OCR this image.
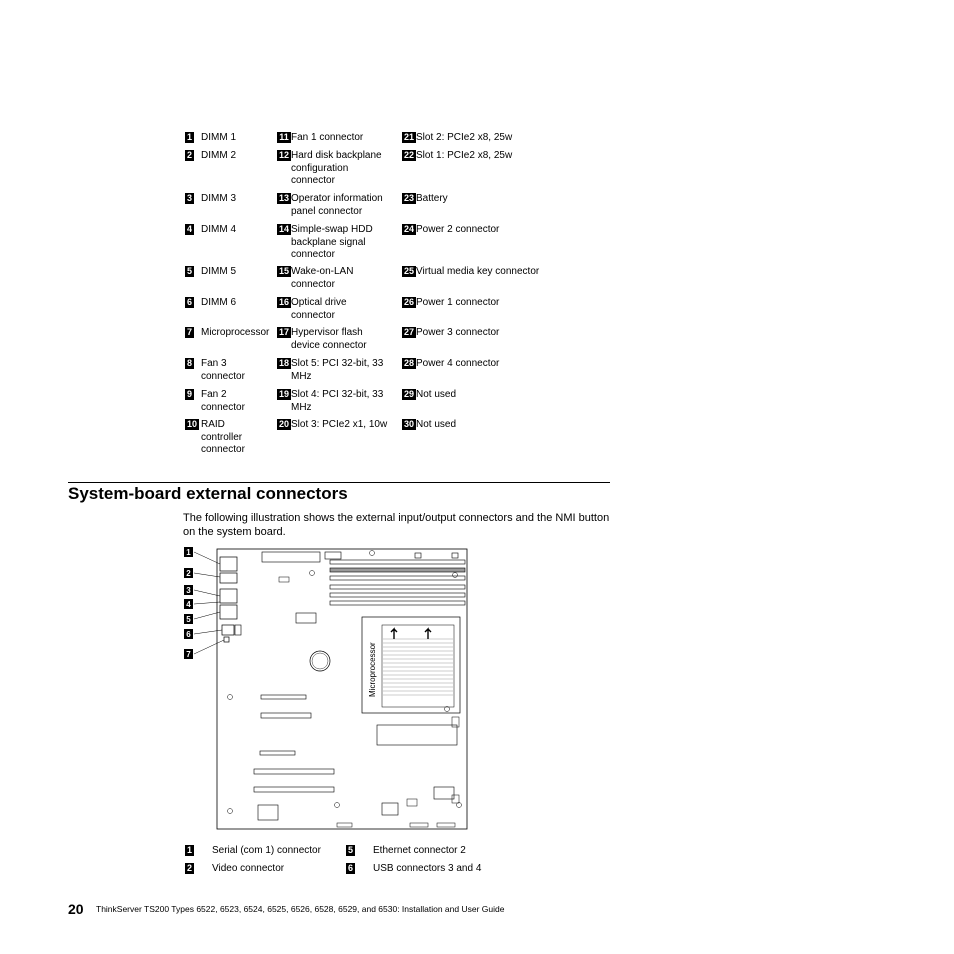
1 DIMM 1
2 DIMM 2
3 DIMM 3
4 DIMM 4
5 DIMM 5
6 DIMM 6
7 Microprocessor
8 Fan 3 connector
9 Fan 2 connector
10 RAID controller connector
11 Fan 1 connector
12 Hard disk backplane configuration connector
13 Operator information panel connector
14 Simple-swap HDD backplane signal connector
15 Wake-on-LAN connector
16 Optical drive connector
17 Hypervisor flash device connector
18 Slot 5: PCI 32-bit, 33 MHz
19 Slot 4: PCI 32-bit, 33 MHz
20 Slot 3: PCIe2 x1, 10w
21 Slot 2: PCIe2 x8, 25w
22 Slot 1: PCIe2 x8, 25w
23 Battery
24 Power 2 connector
25 Virtual media key connector
26 Power 1 connector
27 Power 3 connector
28 Power 4 connector
29 Not used
30 Not used
System-board external connectors
The following illustration shows the external input/output connectors and the NMI button on the system board.
1
2
3
4
5
6
7	Microprocessor
1 Serial (com 1) connector
2 Video connector
5 Ethernet connector 2
6 USB connectors 3 and 4
20 ThinkServer TS200 Types 6522, 6523, 6524, 6525, 6526, 6528, 6529, and 6530: Installation and User Guide
